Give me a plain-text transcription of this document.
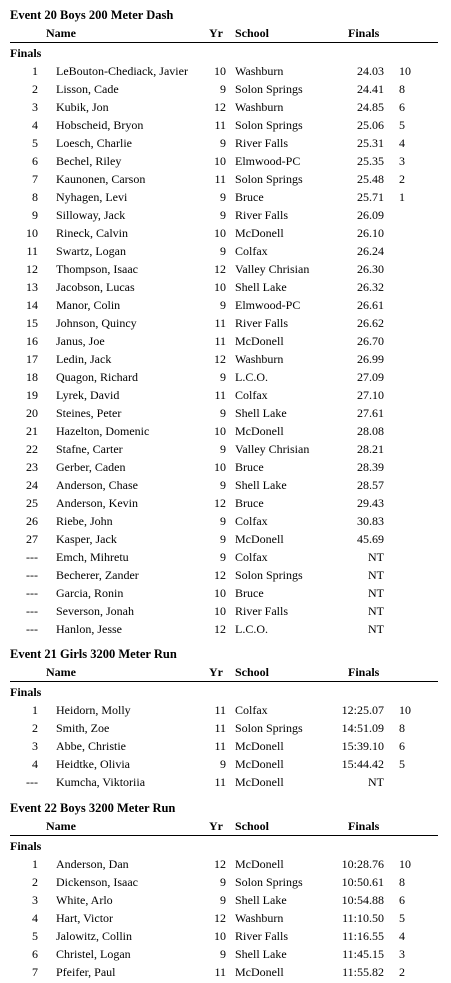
Event 20 Boys 200 Meter Dash
Name	Yr School	Finals
Finals
1 LeBouton-Chediack, Javier	10 Washburn	24.03 10
2 Lisson, Cade	9 Solon Springs	24.41 8
3 Kubik, Jon	12 Washburn	24.85 6
4 Hobscheid, Bryon	11 Solon Springs	25.06 5
5 Loesch, Charlie	9 River Falls	25.31 4
6 Bechel, Riley	10 Elmwood-PC	25.35 3
7 Kaunonen, Carson	11 Solon Springs	25.48 2
8 Nyhagen, Levi	9 Bruce	25.71 1
9 Silloway, Jack	9 River Falls	26.09
10 Rineck, Calvin	10 McDonell	26.10
11 Swartz, Logan	9 Colfax	26.24
12 Thompson, Isaac	12 Valley Chrisian	26.30
13 Jacobson, Lucas	10 Shell Lake	26.32
14 Manor, Colin	9 Elmwood-PC	26.61
15 Johnson, Quincy	11 River Falls	26.62
16 Janus, Joe	11 McDonell	26.70
17 Ledin, Jack	12 Washburn	26.99
18 Quagon, Richard	9 L.C.O.	27.09
19 Lyrek, David	11 Colfax	27.10
20 Steines, Peter	9 Shell Lake	27.61
21 Hazelton, Domenic	10 McDonell	28.08
22 Stafne, Carter	9 Valley Chrisian	28.21
23 Gerber, Caden	10 Bruce	28.39
24 Anderson, Chase	9 Shell Lake	28.57
25 Anderson, Kevin	12 Bruce	29.43
26 Riebe, John	9 Colfax	30.83
27 Kasper, Jack	9 McDonell	45.69
--- Emch, Mihretu	9 Colfax	NT
--- Becherer, Zander	12 Solon Springs	NT
--- Garcia, Ronin	10 Bruce	NT
--- Severson, Jonah	10 River Falls	NT
--- Hanlon, Jesse	12 L.C.O.	NT
Event 21 Girls 3200 Meter Run
Name	Yr School	Finals
Finals
1 Heidorn, Molly	11 Colfax	12:25.07 10
2 Smith, Zoe	11 Solon Springs	14:51.09 8
3 Abbe, Christie	11 McDonell	15:39.10 6
4 Heidtke, Olivia	9 McDonell	15:44.42 5
--- Kumcha, Viktoriia	11 McDonell	NT
Event 22 Boys 3200 Meter Run
Name	Yr School	Finals
Finals
1 Anderson, Dan	12 McDonell	10:28.76 10
2 Dickenson, Isaac	9 Solon Springs	10:50.61 8
3 White, Arlo	9 Shell Lake	10:54.88 6
4 Hart, Victor	12 Washburn	11:10.50 5
5 Jalowitz, Collin	10 River Falls	11:16.55 4
6 Christel, Logan	9 Shell Lake	11:45.15 3
7 Pfeifer, Paul	11 McDonell	11:55.82 2
